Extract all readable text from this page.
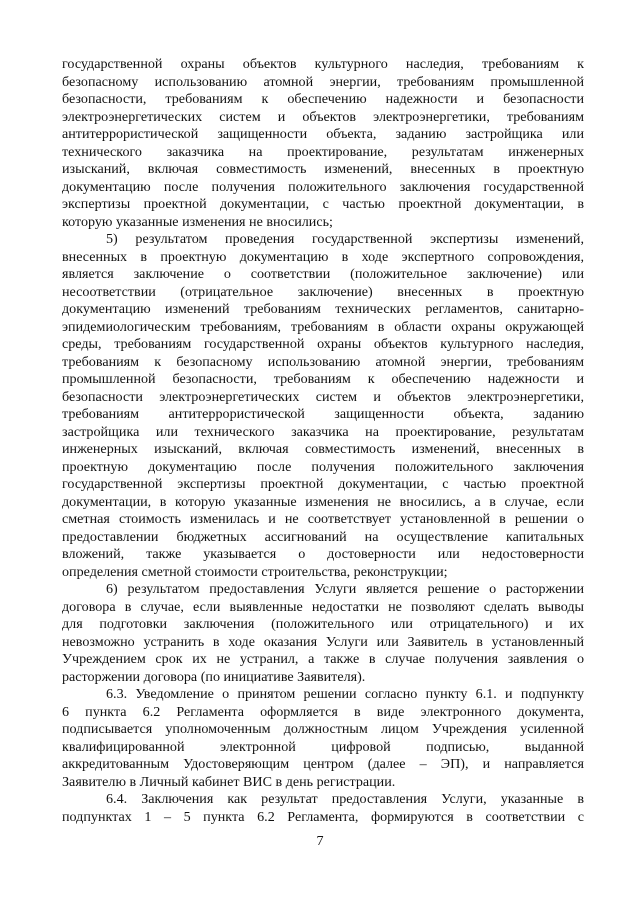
государственной охраны объектов культурного наследия, требованиям к
безопасному использованию атомной энергии, требованиям промышленной
безопасности, требованиям к обеспечению надежности и безопасности
электроэнергетических систем и объектов электроэнергетики, требованиям
антитеррористической защищенности объекта, заданию застройщика или
технического заказчика на проектирование, результатам инженерных
изысканий, включая совместимость изменений, внесенных в проектную
документацию после получения положительного заключения государственной
экспертизы проектной документации, с частью проектной документации, в
которую указанные изменения не вносились;
5) результатом проведения государственной экспертизы изменений,
внесенных в проектную документацию в ходе экспертного сопровождения,
является заключение о соответствии (положительное заключение) или
несоответствии (отрицательное заключение) внесенных в проектную
документацию изменений требованиям технических регламентов, санитарно-
эпидемиологическим требованиям, требованиям в области охраны окружающей
среды, требованиям государственной охраны объектов культурного наследия,
требованиям к безопасному использованию атомной энергии, требованиям
промышленной безопасности, требованиям к обеспечению надежности и
безопасности электроэнергетических систем и объектов электроэнергетики,
требованиям антитеррористической защищенности объекта, заданию
застройщика или технического заказчика на проектирование, результатам
инженерных изысканий, включая совместимость изменений, внесенных в
проектную документацию после получения положительного заключения
государственной экспертизы проектной документации, с частью проектной
документации, в которую указанные изменения не вносились, а в случае, если
сметная стоимость изменилась и не соответствует установленной в решении о
предоставлении бюджетных ассигнований на осуществление капитальных
вложений, также указывается о достоверности или недостоверности
определения сметной стоимости строительства, реконструкции;
6) результатом предоставления Услуги является решение о расторжении
договора в случае, если выявленные недостатки не позволяют сделать выводы
для подготовки заключения (положительного или отрицательного) и их
невозможно устранить в ходе оказания Услуги или Заявитель в установленный
Учреждением срок их не устранил, а также в случае получения заявления о
расторжении договора (по инициативе Заявителя).
6.3. Уведомление о принятом решении согласно пункту 6.1. и подпункту
6 пункта 6.2 Регламента оформляется в виде электронного документа,
подписывается уполномоченным должностным лицом Учреждения усиленной
квалифицированной электронной цифровой подписью, выданной
аккредитованным Удостоверяющим центром (далее – ЭП), и направляется
Заявителю в Личный кабинет ВИС в день регистрации.
6.4. Заключения как результат предоставления Услуги, указанные в
подпунктах 1 – 5 пункта 6.2 Регламента, формируются в соответствии с
7
